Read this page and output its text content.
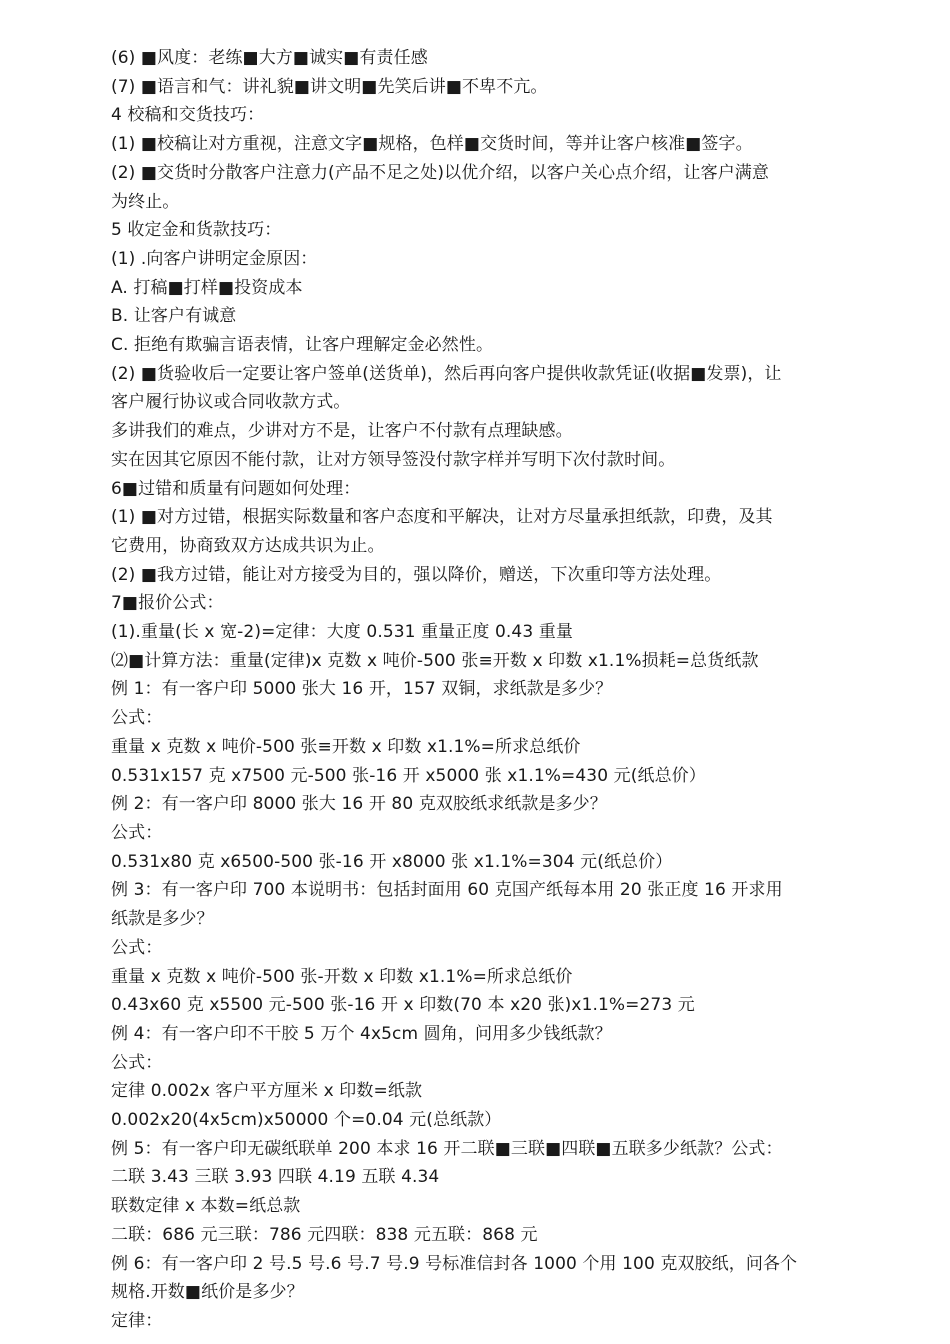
(6) ■风度：老练■大方■诚实■有责任感

(7) ■语言和气：讲礼貌■讲文明■先笑后讲■不卑不亢。

4 校稿和交货技巧：

(1) ■校稿让对方重视，注意文字■规格，色样■交货时间，等并让客户核准■签字。

(2) ■交货时分散客户注意力(产品不足之处)以优介绍，以客户关心点介绍，让客户满意

为终止。

5 收定金和货款技巧：

(1) .向客户讲明定金原因：

A. 打稿■打样■投资成本

B. 让客户有诚意

C. 拒绝有欺骗言语表情，让客户理解定金必然性。

(2) ■货验收后一定要让客户签单(送货单)，然后再向客户提供收款凭证(收据■发票)，让

客户履行协议或合同收款方式。

多讲我们的难点，少讲对方不是，让客户不付款有点理缺感。

实在因其它原因不能付款，让对方领导签没付款字样并写明下次付款时间。

6■过错和质量有问题如何处理：

(1) ■对方过错，根据实际数量和客户态度和平解决，让对方尽量承担纸款，印费，及其

它费用，协商致双方达成共识为止。

(2) ■我方过错，能让对方接受为目的，强以降价，赠送，下次重印等方法处理。

7■报价公式：

(1).重量(长 x 宽-2)=定律：大度 0.531 重量正度 0.43 重量

⑵■计算方法：重量(定律)x 克数 x 吨价-500 张≡开数 x 印数 x1.1%损耗=总货纸款

例 1：有一客户印 5000 张大 16 开，157 双铜，求纸款是多少？

公式：

重量 x 克数 x 吨价-500 张≡开数 x 印数 x1.1%=所求总纸价

0.531x157 克 x7500 元-500 张-16 开 x5000 张 x1.1%=430 元(纸总价）

例 2：有一客户印 8000 张大 16 开 80 克双胶纸求纸款是多少？

公式：

0.531x80 克 x6500-500 张-16 开 x8000 张 x1.1%=304 元(纸总价）

例 3：有一客户印 700 本说明书：包括封面用 60 克国产纸每本用 20 张正度 16 开求用

纸款是多少？

公式：

重量 x 克数 x 吨价-500 张-开数 x 印数 x1.1%=所求总纸价

0.43x60 克 x5500 元-500 张-16 开 x 印数(70 本 x20 张)x1.1%=273 元

例 4：有一客户印不干胶 5 万个 4x5cm 圆角，问用多少钱纸款？

公式：

定律 0.002x 客户平方厘米 x 印数=纸款

0.002x20(4x5cm)x50000 个=0.04 元(总纸款）

例 5：有一客户印无碳纸联单 200 本求 16 开二联■三联■四联■五联多少纸款？公式：

二联 3.43 三联 3.93 四联 4.19 五联 4.34

联数定律 x 本数=纸总款

二联：686 元三联：786 元四联：838 元五联：868 元

例 6：有一客户印 2 号.5 号.6 号.7 号.9 号标准信封各 1000 个用 100 克双胶纸，问各个

规格.开数■纸价是多少？

定律：
